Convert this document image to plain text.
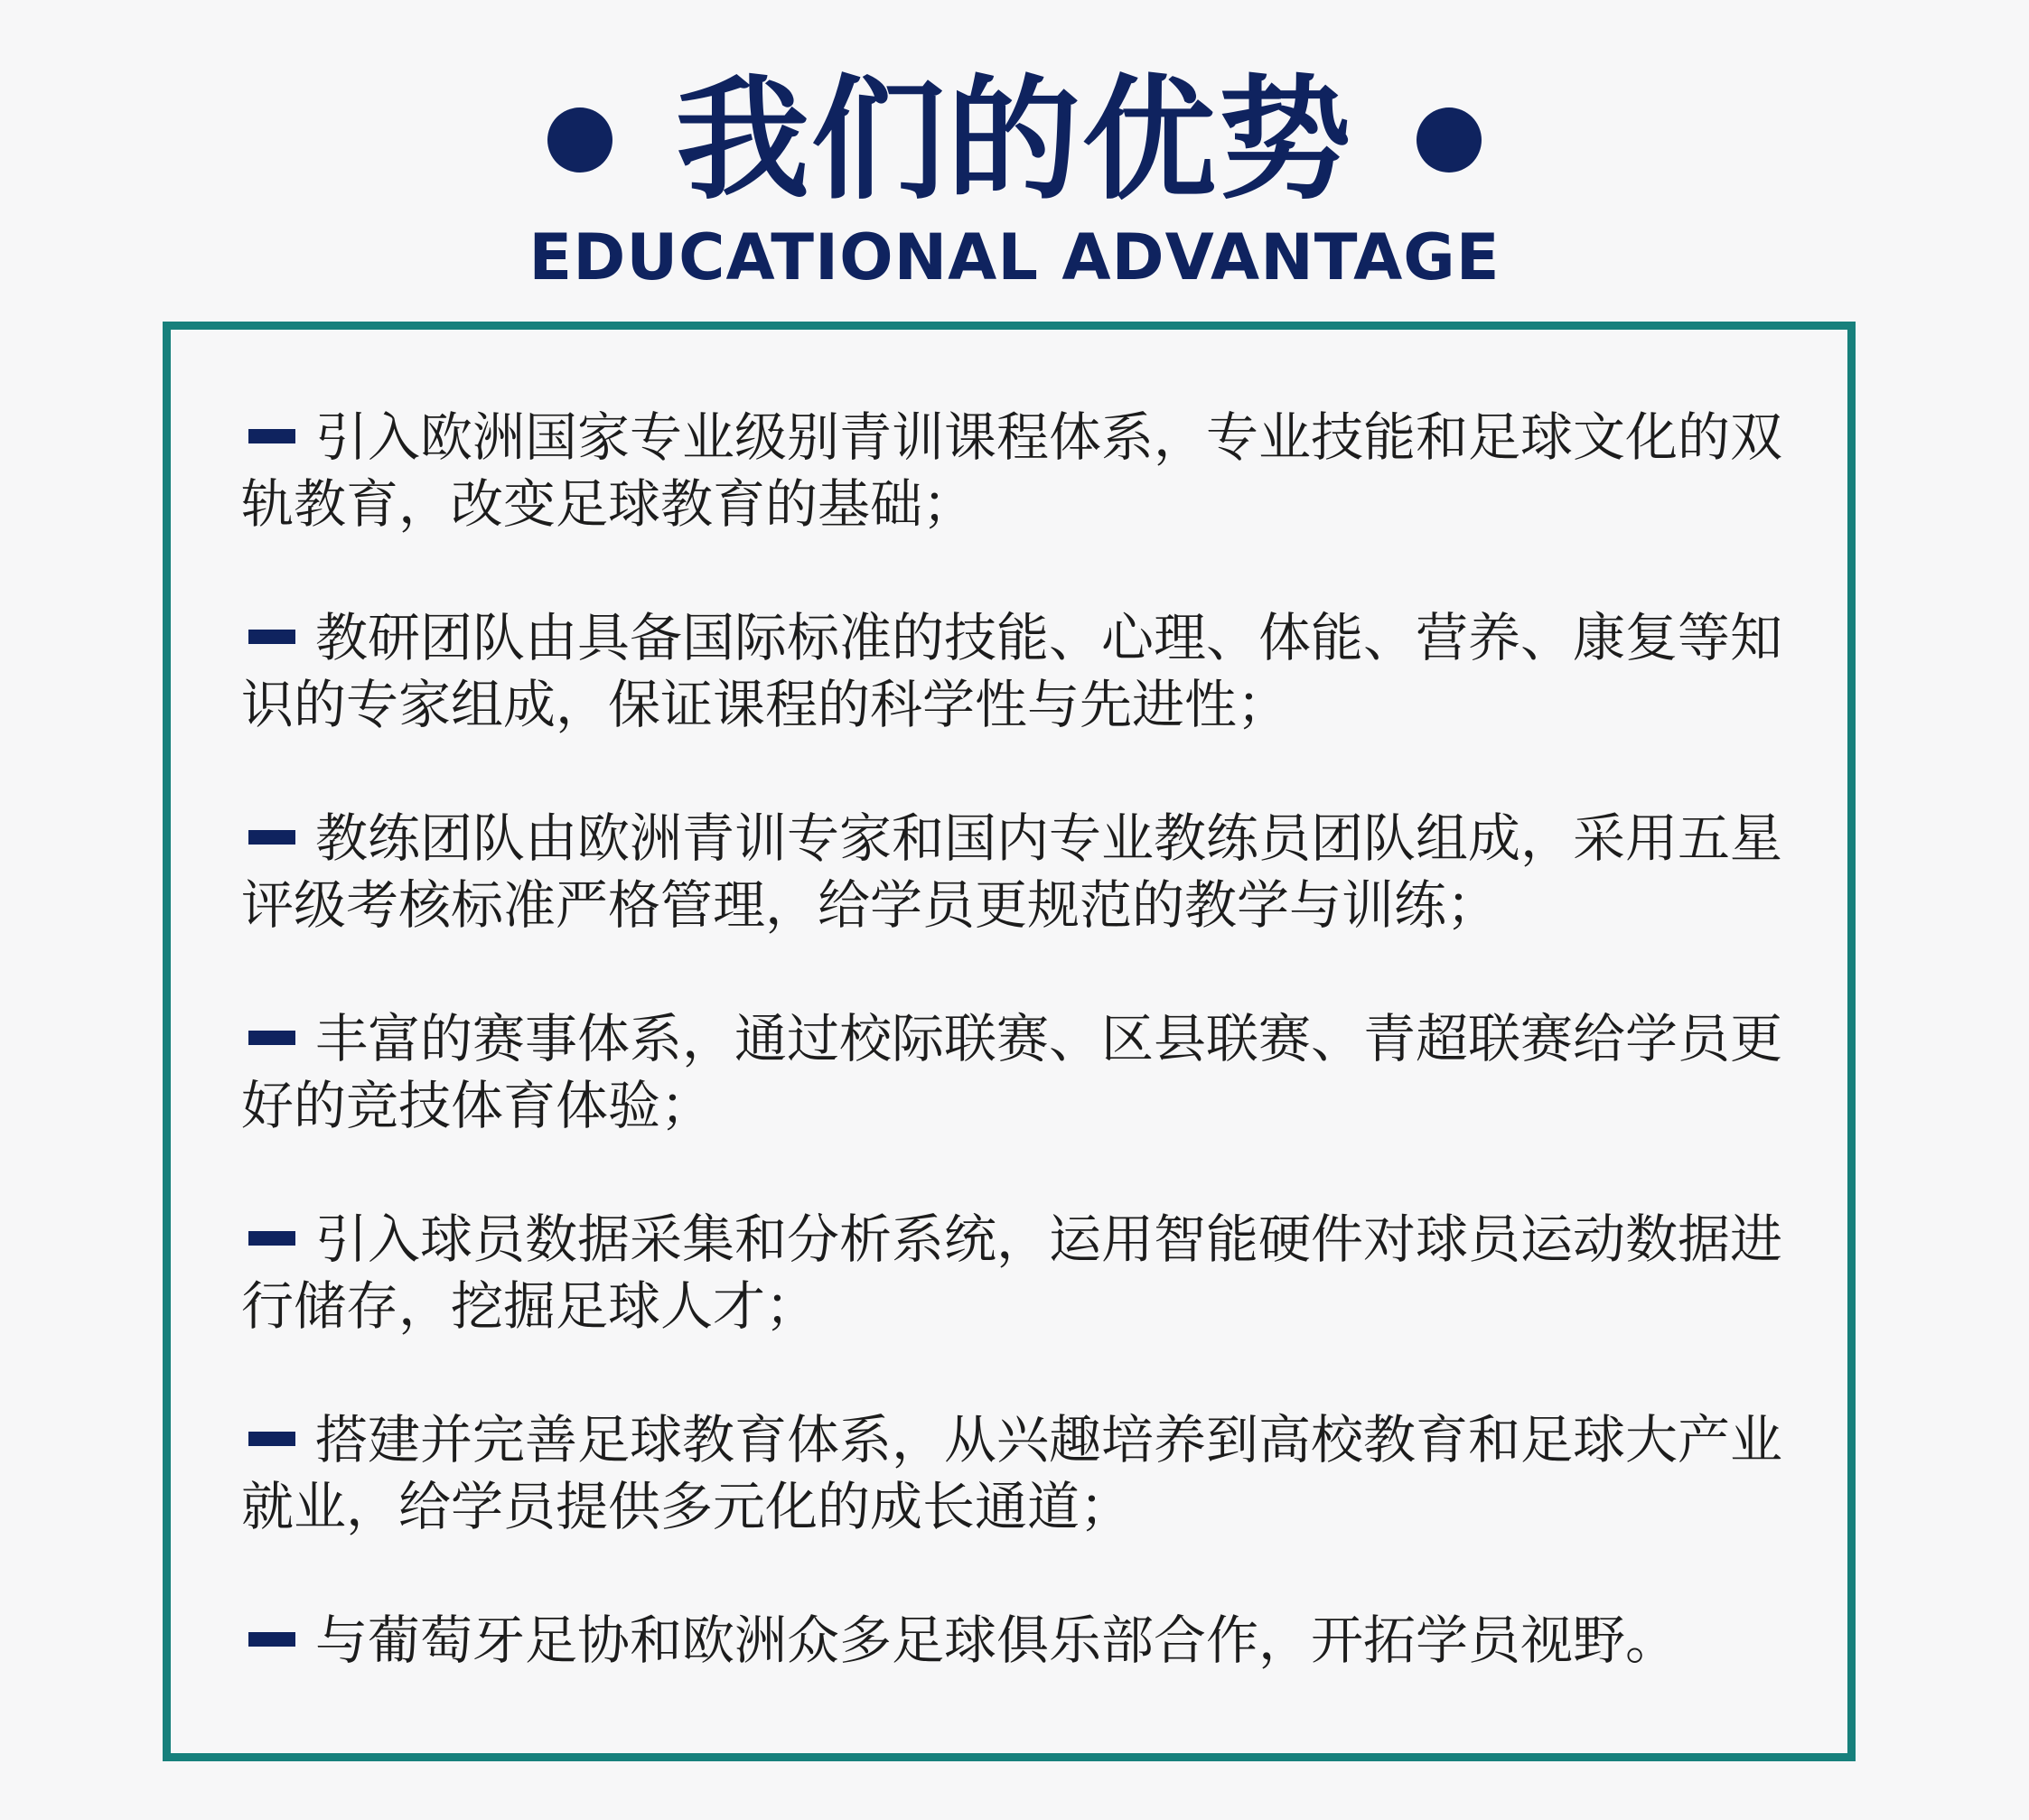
我们的优势
EDUCATIONAL ADVANTAGE
引入欧洲国家专业级别青训课程体系，专业技能和足球文化的双轨教育，改变足球教育的基础；
教研团队由具备国际标准的技能、心理、体能、营养、康复等知识的专家组成，保证课程的科学性与先进性；
教练团队由欧洲青训专家和国内专业教练员团队组成，采用五星评级考核标准严格管理，给学员更规范的教学与训练；
丰富的赛事体系，通过校际联赛、区县联赛、青超联赛给学员更好的竞技体育体验；
引入球员数据采集和分析系统，运用智能硬件对球员运动数据进行储存，挖掘足球人才；
搭建并完善足球教育体系，从兴趣培养到高校教育和足球大产业就业，给学员提供多元化的成长通道；
与葡萄牙足协和欧洲众多足球俱乐部合作，开拓学员视野。
